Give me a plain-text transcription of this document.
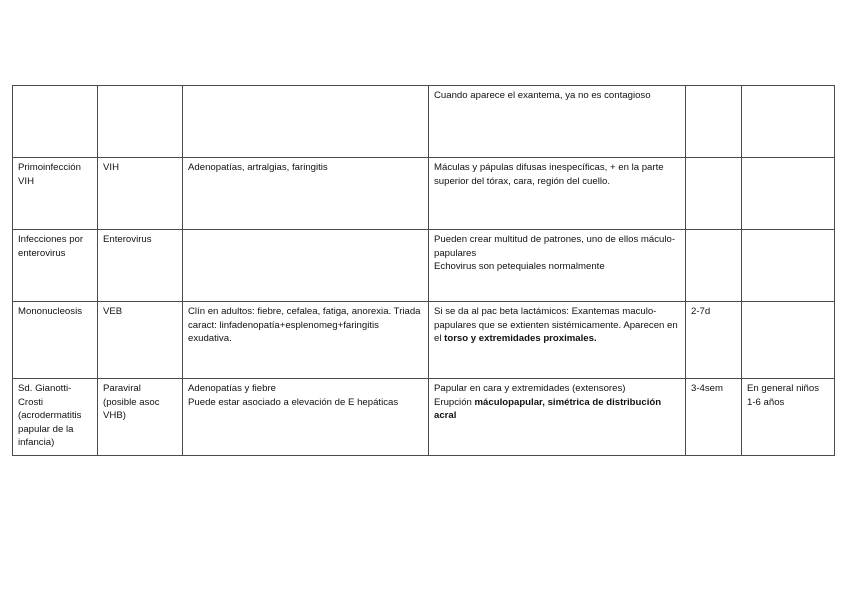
			Cuando aparece el exantema, ya no es contagioso		

Primoinfección VIH	VIH	Adenopatías, artralgias, faringitis	Máculas y pápulas difusas inespecíficas, + en la parte superior del tórax, cara, región del cuello.		

Infecciones por enterovirus	Enterovirus		Pueden crear multitud de patrones, uno de ellos máculo-papulares
Echovirus son petequiales normalmente		

Mononucleosis	VEB	Clín en adultos: fiebre, cefalea, fatiga, anorexia. Triada caract: linfadenopatía+esplenomeg+faringitis exudativa.	Si se da al pac beta lactámicos: Exantemas maculo-papulares que se extienten sistémicamente. Aparecen en el torso y extremidades proximales.	2-7d	
Sd. Gianotti-Crosti (acrodermatitis papular de la infancia)	Paraviral (posible asoc VHB)	Adenopatías y fiebre
Puede estar asociado a elevación de E hepáticas	Papular en cara y extremidades (extensores)
Erupción máculopapular, simétrica de distribución acral	3-4sem	En general niños 1-6 años
